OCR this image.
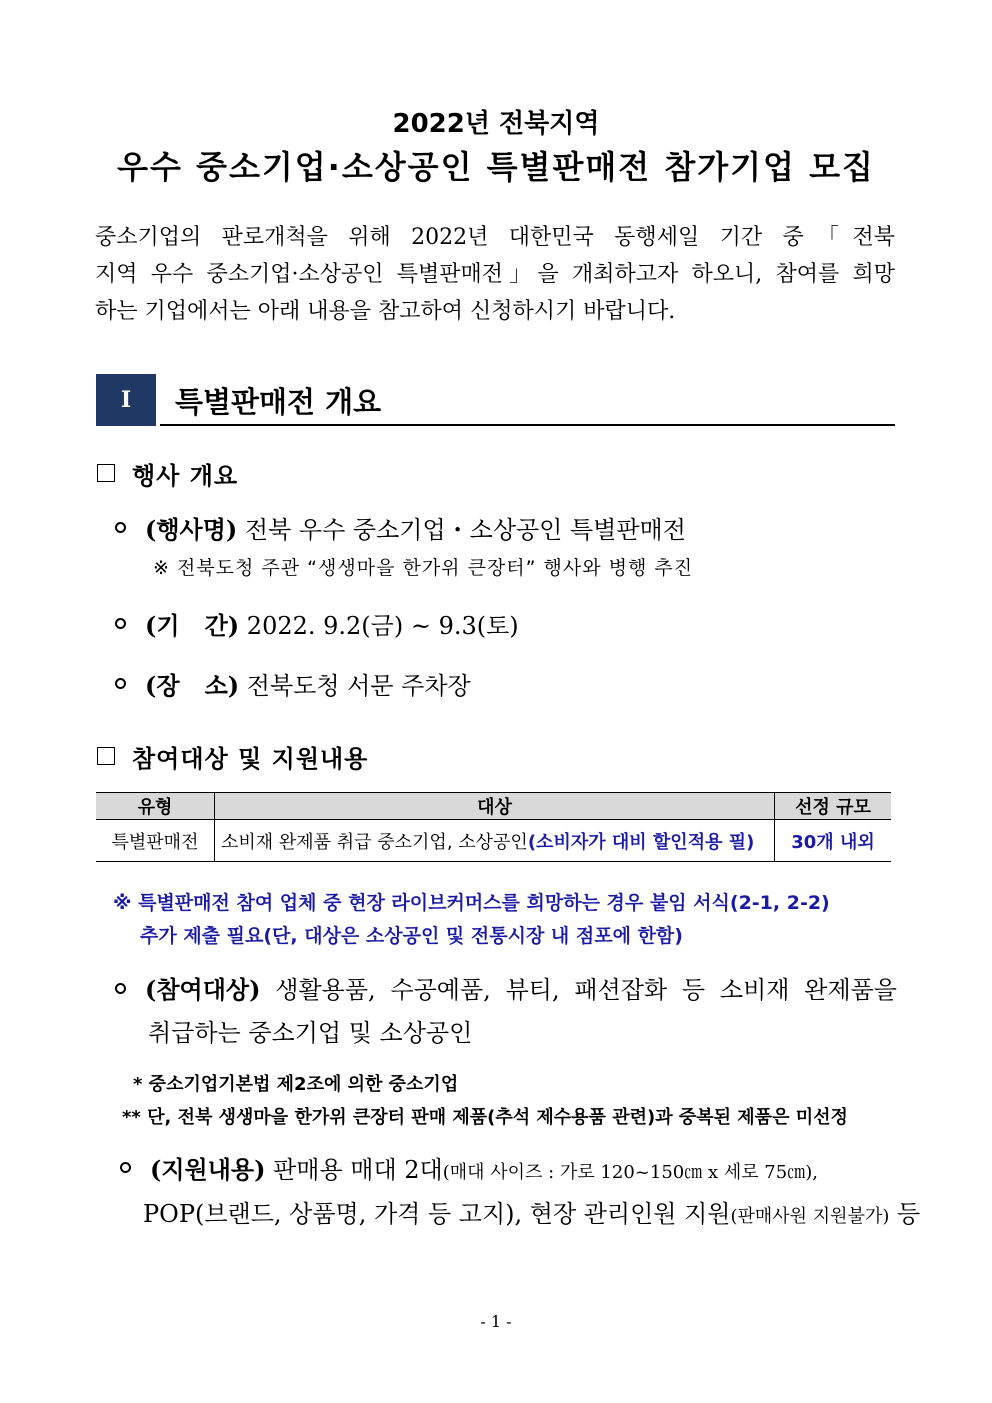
2022년 전북지역
우수 중소기업·소상공인 특별판매전 참가기업 모집
중소기업의 판로개척을 위해 2022년 대한민국 동행세일 기간 중「전북
지역 우수 중소기업·소상공인 특별판매전」을 개최하고자 하오니, 참여를 희망
하는 기업에서는 아래 내용을 참고하여 신청하시기 바랍니다.
I	특별판매전 개요
행사 개요
(행사명) 전북 우수 중소기업・소상공인 특별판매전
※ 전북도청 주관 “생생마을 한가위 큰장터” 행사와 병행 추진
(기   간) 2022. 9.2(금) ~ 9.3(토)
(장   소) 전북도청 서문 주차장
참여대상 및 지원내용
유형	대상	선정 규모
특별판매전	소비재 완제품 취급 중소기업, 소상공인(소비자가 대비 할인적용 필)	30개 내외
※ 특별판매전 참여 업체 중 현장 라이브커머스를 희망하는 경우 붙임 서식(2-1, 2-2)
추가 제출 필요(단, 대상은 소상공인 및 전통시장 내 점포에 한함)
(참여대상) 생활용품, 수공예품, 뷰티, 패션잡화 등 소비재 완제품을
취급하는 중소기업 및 소상공인
* 중소기업기본법 제2조에 의한 중소기업
** 단, 전북 생생마을 한가위 큰장터 판매 제품(추석 제수용품 관련)과 중복된 제품은 미선정
(지원내용) 판매용 매대 2대(매대 사이즈 : 가로 120~150㎝ x 세로 75㎝),
POP(브랜드, 상품명, 가격 등 고지), 현장 관리인원 지원(판매사원 지원불가) 등
- 1 -
